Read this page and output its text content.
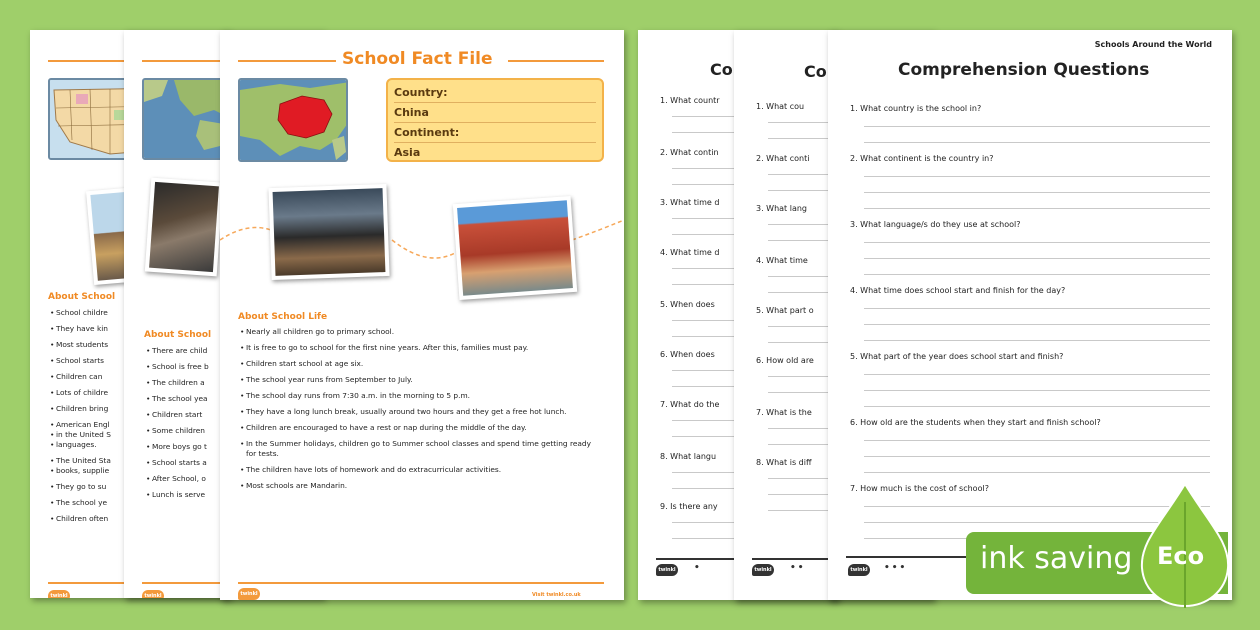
About School
• School childre
• They have kin
• Most students
• School starts
• Children can
• Lots of childre
• Children bring
• American Engl
• in the United S
• languages.
• The United Sta
• books, supplie
• They go to su
• The school ye
• Children often
twinkl
About School
• There are child
• School is free b
• The children a
• The school yea
• Children start
• Some children
• More boys go t
• School starts a
• After School, o
• Lunch is serve
twinkl
School Fact File
Country:
China
Continent:
Asia
About School Life
• Nearly all children go to primary school.
• It is free to go to school for the first nine years. After this, families must pay.
• Children start school at age six.
• The school year runs from September to July.
• The school day runs from 7:30 a.m. in the morning to 5 p.m.
• They have a long lunch break, usually around two hours and they get a free hot lunch.
• Children are encouraged to have a rest or nap during the middle of the day.
• In the Summer holidays, children go to Summer school classes and spend time getting ready for tests.
• The children have lots of homework and do extracurricular activities.
• Most schools are Mandarin.
twinkl	Visit twinkl.co.uk
Co
1. What countr
2. What contin
3. What time d
4. What time d
5. When does
6. When does
7. What do the
8. What langu
9. Is there any
twinkl •
Co
1. What cou
2. What conti
3. What lang
4. What time
5. What part o
6. How old are
7. What is the
8. What is diff
twinkl ••
Schools Around the World
Comprehension Questions
1. What country is the school in?
2. What continent is the country in?
3. What language/s do they use at school?
4. What time does school start and finish for the day?
5. What part of the year does school start and finish?
6. How old are the students when they start and finish school?
7. How much is the cost of school?
twinkl ••• ink saving Eco
